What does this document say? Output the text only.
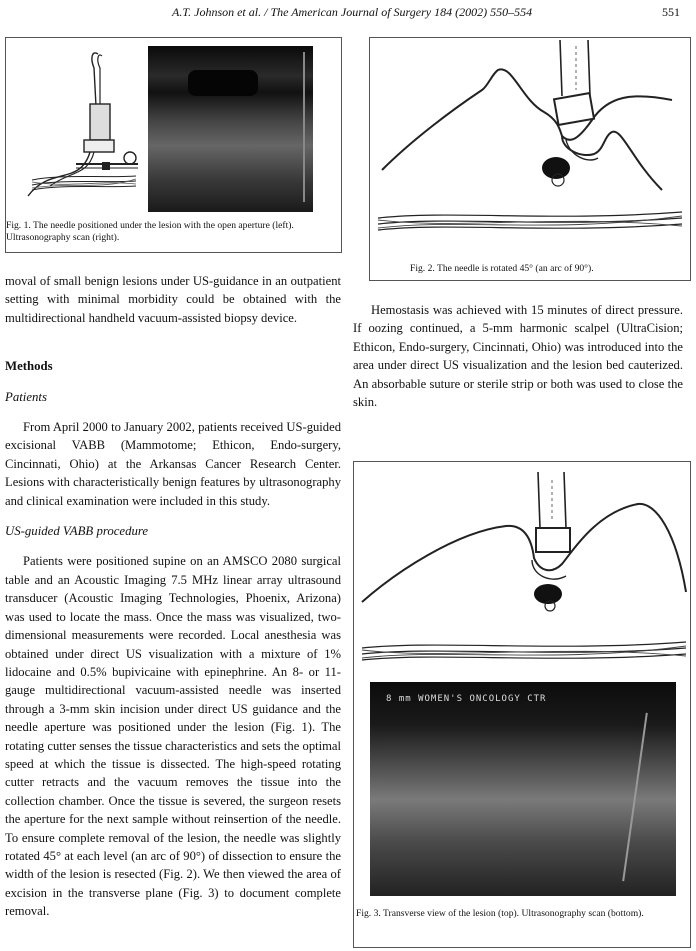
A.T. Johnson et al. / The American Journal of Surgery 184 (2002) 550–554	551
Fig. 1. The needle positioned under the lesion with the open aperture (left). Ultrasonography scan (right).
Fig. 2. The needle is rotated 45° (an arc of 90°).

moval of small benign lesions under US-guidance in an outpatient setting with minimal morbidity could be obtained with the multidirectional handheld vacuum-assisted biopsy device.

Methods

Patients

From April 2000 to January 2002, patients received US-guided excisional VABB (Mammotome; Ethicon, Endo-surgery, Cincinnati, Ohio) at the Arkansas Cancer Research Center. Lesions with characteristically benign features by ultrasonography and clinical examination were included in this study.

US-guided VABB procedure

Patients were positioned supine on an AMSCO 2080 surgical table and an Acoustic Imaging 7.5 MHz linear array ultrasound transducer (Acoustic Imaging Technologies, Phoenix, Arizona) was used to locate the mass. Once the mass was visualized, two-dimensional measurements were recorded. Local anesthesia was obtained under direct US visualization with a mixture of 1% lidocaine and 0.5% bupivicaine with epinephrine. An 8- or 11-gauge multidirectional vacuum-assisted needle was inserted through a 3-mm skin incision under direct US guidance and the needle aperture was positioned under the lesion (Fig. 1). The rotating cutter senses the tissue characteristics and sets the optimal speed at which the tissue is dissected. The high-speed rotating cutter retracts and the vacuum removes the tissue into the collection chamber. Once the tissue is severed, the surgeon resets the aperture for the next sample without reinsertion of the needle. To ensure complete removal of the lesion, the needle was slightly rotated 45° at each level (an arc of 90°) of dissection to ensure the width of the lesion is resected (Fig. 2). We then viewed the area of excision in the transverse plane (Fig. 3) to document complete removal.

Hemostasis was achieved with 15 minutes of direct pressure. If oozing continued, a 5-mm harmonic scalpel (UltraCision; Ethicon, Endo-surgery, Cincinnati, Ohio) was introduced into the area under direct US visualization and the lesion bed cauterized. An absorbable suture or sterile strip or both was used to close the skin.

8 mm WOMEN'S ONCOLOGY CTR
Fig. 3. Transverse view of the lesion (top). Ultrasonography scan (bottom).
